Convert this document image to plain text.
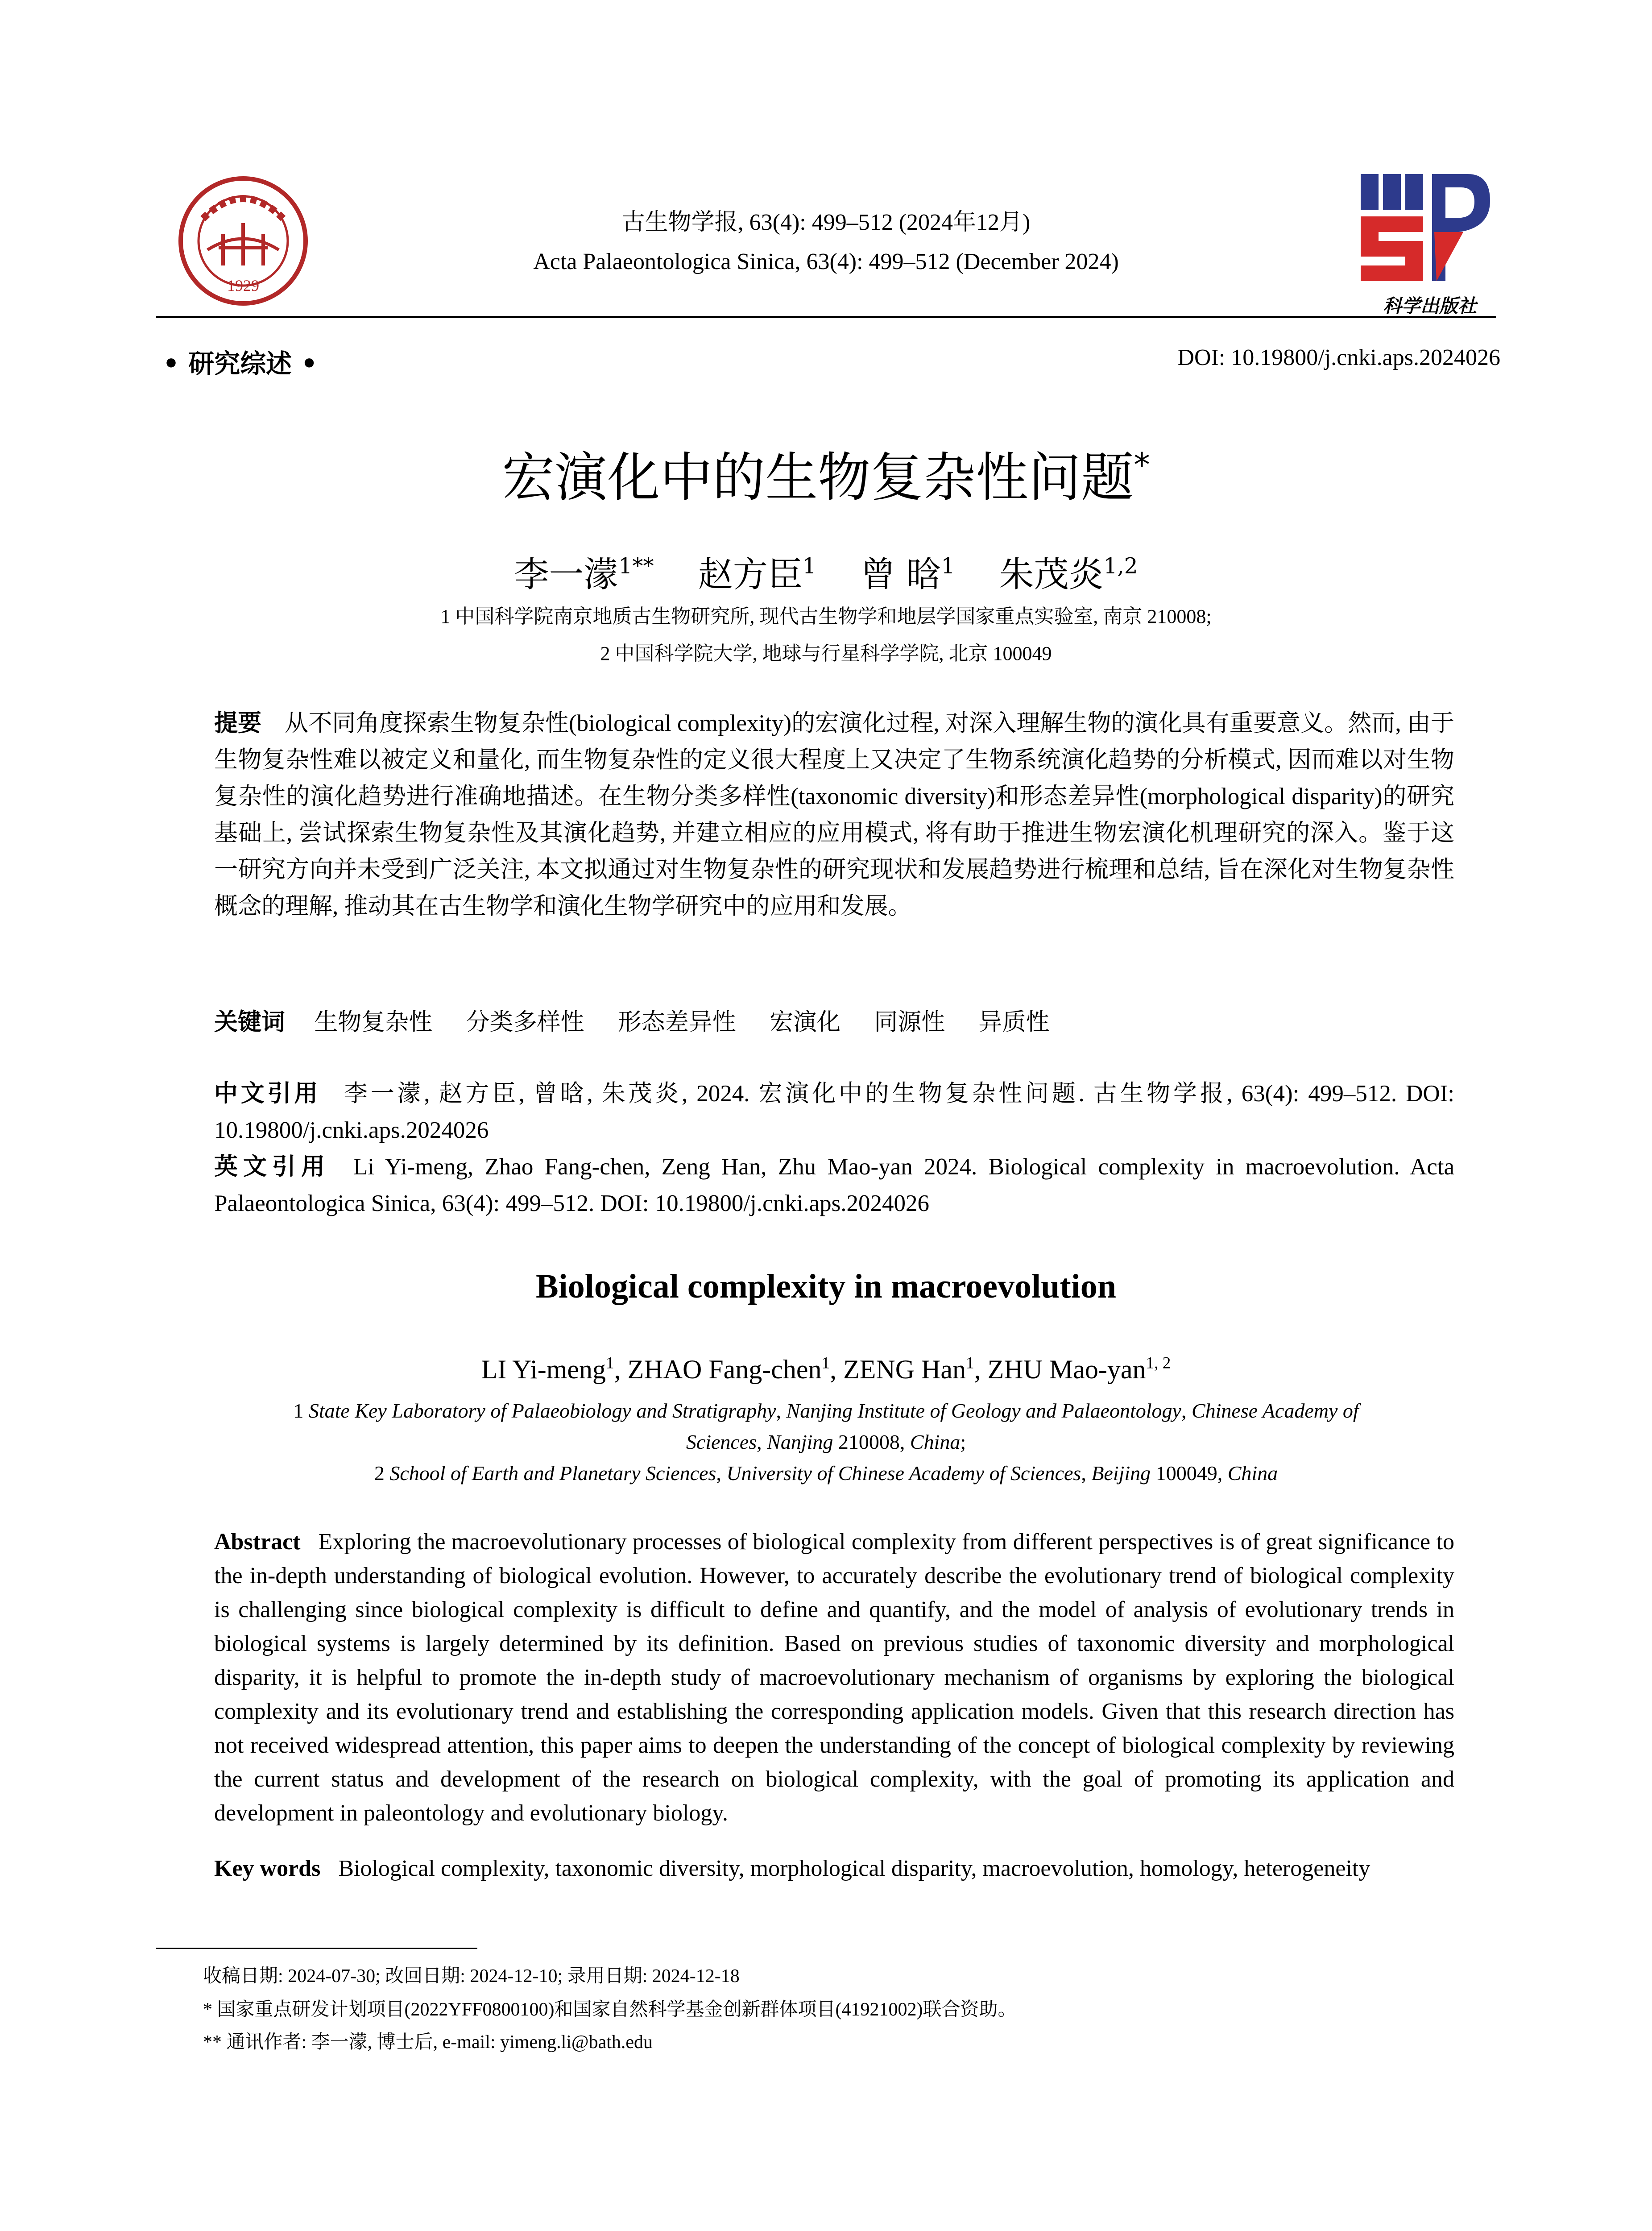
1929
科学出版社
古生物学报, 63(4): 499–512 (2024年12月)
Acta Palaeontologica Sinica, 63(4): 499–512 (December 2024)
• 研究综述 •	DOI: 10.19800/j.cnki.aps.2024026
宏演化中的生物复杂性问题*
李一濛$^{1**}$ 赵方臣$^1$ 曾 晗$^1$ 朱茂炎$^{1,2}$
1 中国科学院南京地质古生物研究所, 现代古生物学和地层学国家重点实验室, 南京 210008;
2 中国科学院大学, 地球与行星科学学院, 北京 100049
提要 从不同角度探索生物复杂性(biological complexity)的宏演化过程, 对深入理解生物的演化具有重要意义。然而, 由于生物复杂性难以被定义和量化, 而生物复杂性的定义很大程度上又决定了生物系统演化趋势的分析模式, 因而难以对生物复杂性的演化趋势进行准确地描述。在生物分类多样性(taxonomic diversity)和形态差异性(morphological disparity)的研究基础上, 尝试探索生物复杂性及其演化趋势, 并建立相应的应用模式, 将有助于推进生物宏演化机理研究的深入。鉴于这一研究方向并未受到广泛关注, 本文拟通过对生物复杂性的研究现状和发展趋势进行梳理和总结, 旨在深化对生物复杂性概念的理解, 推动其在古生物学和演化生物学研究中的应用和发展。
关键词 生物复杂性 分类多样性 形态差异性 宏演化 同源性 异质性
中文引用 李一濛, 赵方臣, 曾晗, 朱茂炎, 2024. 宏演化中的生物复杂性问题. 古生物学报, 63(4): 499–512. DOI: 10.19800/j.cnki.aps.2024026
英文引用 Li Yi-meng, Zhao Fang-chen, Zeng Han, Zhu Mao-yan 2024. Biological complexity in macroevolution. Acta Palaeontologica Sinica, 63(4): 499–512. DOI: 10.19800/j.cnki.aps.2024026
Biological complexity in macroevolution
LI Yi-meng$^1$, ZHAO Fang-chen$^1$, ZENG Han$^1$, ZHU Mao-yan$^{1, 2}$
1 State Key Laboratory of Palaeobiology and Stratigraphy, Nanjing Institute of Geology and Palaeontology, Chinese Academy of
Sciences, Nanjing 210008, China;
2 School of Earth and Planetary Sciences, University of Chinese Academy of Sciences, Beijing 100049, China
Abstract Exploring the macroevolutionary processes of biological complexity from different perspectives is of great significance to the in-depth understanding of biological evolution. However, to accurately describe the evolutionary trend of biological complexity is challenging since biological complexity is difficult to define and quantify, and the model of analysis of evolutionary trends in biological systems is largely determined by its definition. Based on previous studies of taxonomic diversity and morphological disparity, it is helpful to promote the in-depth study of macroevolutionary mechanism of organisms by exploring the biological complexity and its evolutionary trend and establishing the corresponding application models. Given that this research direction has not received widespread attention, this paper aims to deepen the understanding of the concept of biological complexity by reviewing the current status and development of the research on biological complexity, with the goal of promoting its application and development in paleontology and evolutionary biology.
Key words Biological complexity, taxonomic diversity, morphological disparity, macroevolution, homology, heterogeneity
收稿日期: 2024-07-30; 改回日期: 2024-12-10; 录用日期: 2024-12-18
* 国家重点研发计划项目(2022YFF0800100)和国家自然科学基金创新群体项目(41921002)联合资助。
** 通讯作者: 李一濛, 博士后, e-mail: yimeng.li@bath.edu
